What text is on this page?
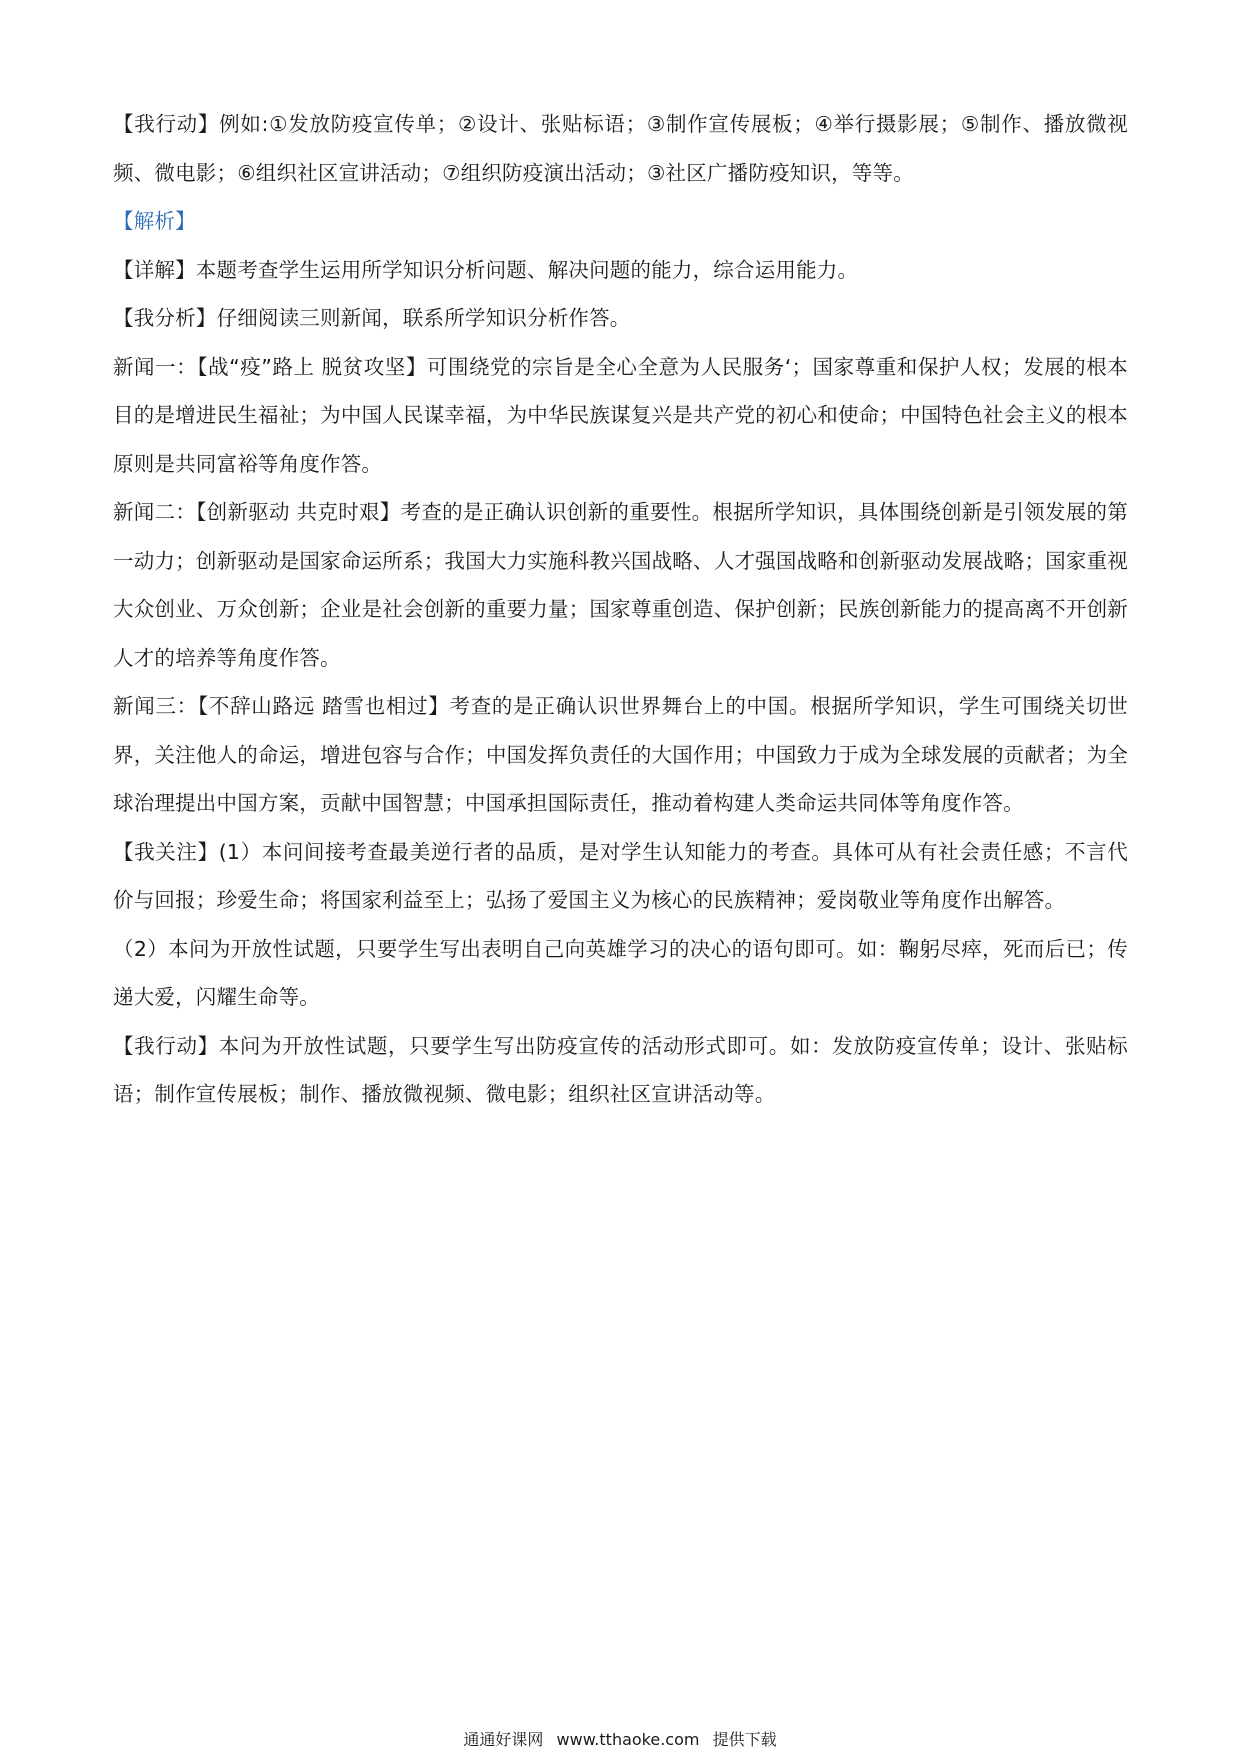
【我行动】例如:①发放防疫宣传单；②设计、张贴标语；③制作宣传展板；④举行摄影展；⑤制作、播放微视频、微电影；⑥组织社区宣讲活动；⑦组织防疫演出活动；③社区广播防疫知识，等等。

【解析】

【详解】本题考查学生运用所学知识分析问题、解决问题的能力，综合运用能力。

【我分析】仔细阅读三则新闻，联系所学知识分析作答。

新闻一：【战“疫”路上 脱贫攻坚】可围绕党的宗旨是全心全意为人民服务‘；国家尊重和保护人权；发展的根本目的是增进民生福祉；为中国人民谋幸福，为中华民族谋复兴是共产党的初心和使命；中国特色社会主义的根本原则是共同富裕等角度作答。

新闻二：【创新驱动 共克时艰】考查的是正确认识创新的重要性。根据所学知识，具体围绕创新是引领发展的第一动力；创新驱动是国家命运所系；我国大力实施科教兴国战略、人才强国战略和创新驱动发展战略；国家重视大众创业、万众创新；企业是社会创新的重要力量；国家尊重创造、保护创新；民族创新能力的提高离不开创新人才的培养等角度作答。

新闻三：【不辞山路远 踏雪也相过】考查的是正确认识世界舞台上的中国。根据所学知识，学生可围绕关切世界，关注他人的命运，增进包容与合作；中国发挥负责任的大国作用；中国致力于成为全球发展的贡献者；为全球治理提出中国方案，贡献中国智慧；中国承担国际责任，推动着构建人类命运共同体等角度作答。

【我关注】(1）本问间接考查最美逆行者的品质，是对学生认知能力的考查。具体可从有社会责任感；不言代价与回报；珍爱生命；将国家利益至上；弘扬了爱国主义为核心的民族精神；爱岗敬业等角度作出解答。

（2）本问为开放性试题，只要学生写出表明自己向英雄学习的决心的语句即可。如：鞠躬尽瘁，死而后已；传递大爱，闪耀生命等。

【我行动】本问为开放性试题，只要学生写出防疫宣传的活动形式即可。如：发放防疫宣传单；设计、张贴标语；制作宣传展板；制作、播放微视频、微电影；组织社区宣讲活动等。

通通好课网 www.tthaoke.com 提供下载
